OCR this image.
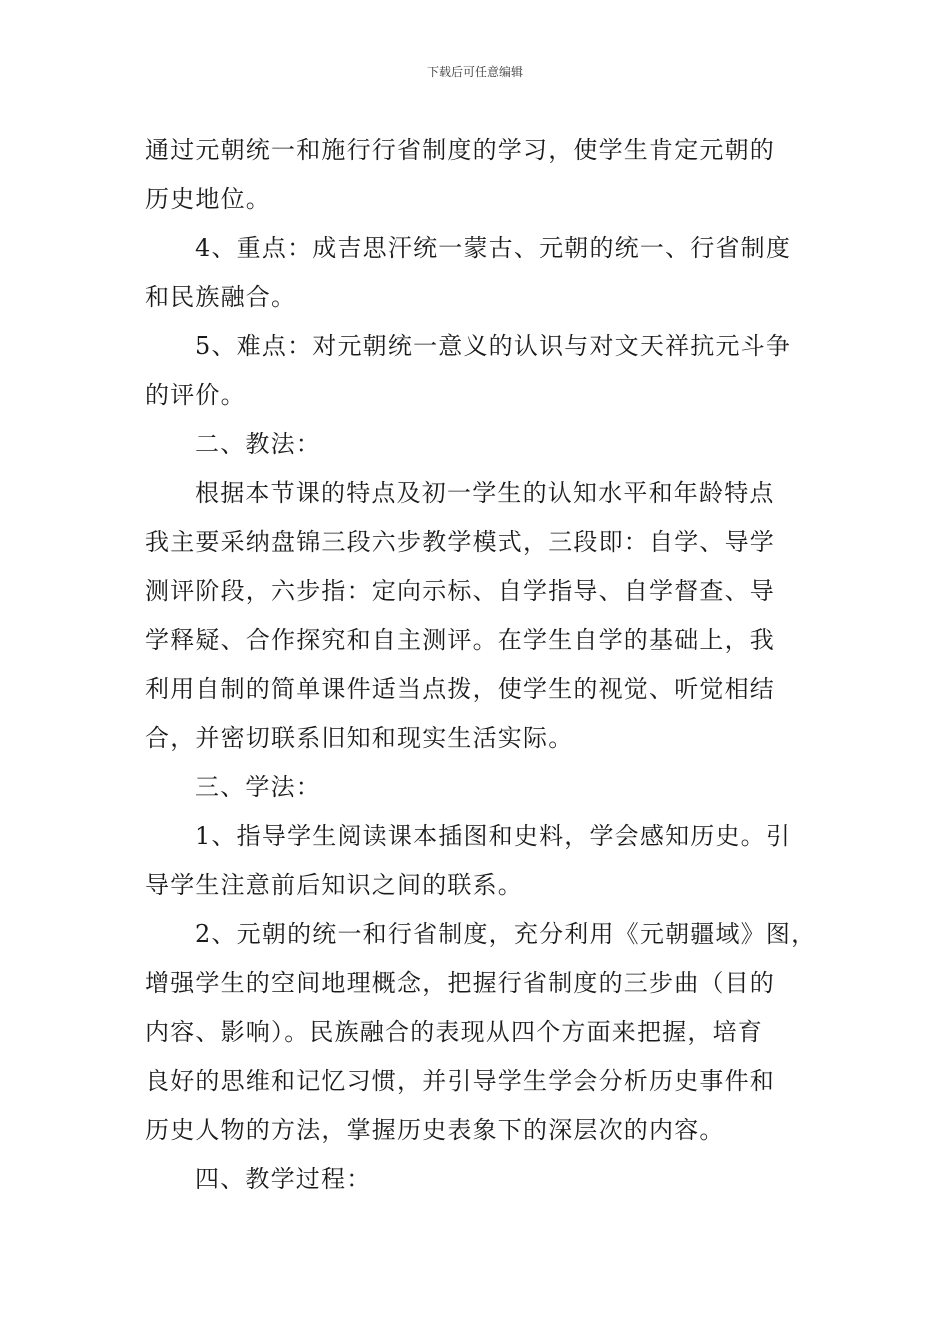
下载后可任意编辑
通过元朝统一和施行行省制度的学习，使学生肯定元朝的
历史地位。
4、重点：成吉思汗统一蒙古、元朝的统一、行省制度
和民族融合。
5、难点：对元朝统一意义的认识与对文天祥抗元斗争
的评价。
二、教法：
根据本节课的特点及初一学生的认知水平和年龄特点
我主要采纳盘锦三段六步教学模式，三段即：自学、导学
测评阶段，六步指：定向示标、自学指导、自学督查、导
学释疑、合作探究和自主测评。在学生自学的基础上，我
利用自制的简单课件适当点拨，使学生的视觉、听觉相结
合，并密切联系旧知和现实生活实际。
三、学法：
1、指导学生阅读课本插图和史料，学会感知历史。引
导学生注意前后知识之间的联系。
2、元朝的统一和行省制度，充分利用《元朝疆域》图，
增强学生的空间地理概念，把握行省制度的三步曲（目的
内容、影响）。民族融合的表现从四个方面来把握，培育
良好的思维和记忆习惯，并引导学生学会分析历史事件和
历史人物的方法，掌握历史表象下的深层次的内容。
四、教学过程：
